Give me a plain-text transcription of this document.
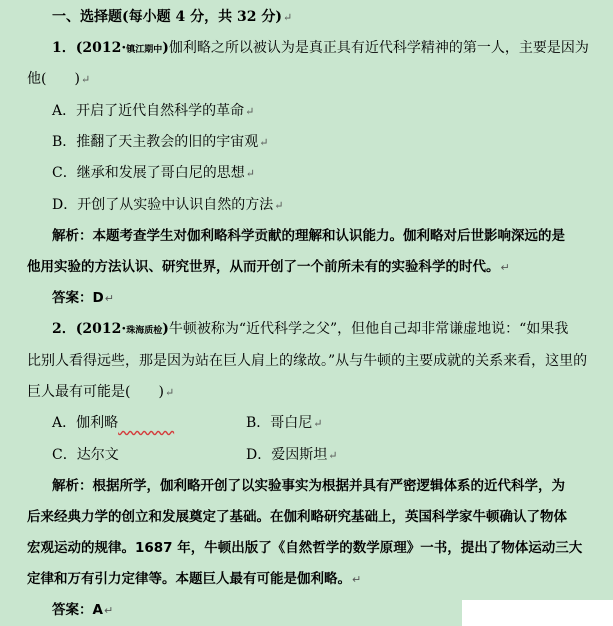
一、选择题(每小题 4 分，共 32 分)↵
1．(2012·镇江期中)伽利略之所以被认为是真正具有近代科学精神的第一人，主要是因为
他(　　)↵
A．开启了近代自然科学的革命↵
B．推翻了天主教会的旧的宇宙观↵
C．继承和发展了哥白尼的思想↵
D．开创了从实验中认识自然的方法↵
解析：本题考查学生对伽利略科学贡献的理解和认识能力。伽利略对后世影响深远的是
他用实验的方法认识、研究世界，从而开创了一个前所未有的实验科学的时代。↵
答案：D↵
2．(2012·珠海质检)牛顿被称为“近代科学之父”，但他自己却非常谦虚地说：“如果我
比别人看得远些，那是因为站在巨人肩上的缘故。”从与牛顿的主要成就的关系来看，这里的
巨人最有可能是(　　)↵
A．伽利略    	B．哥白尼↵
C．达尔文	D．爱因斯坦↵
解析：根据所学，伽利略开创了以实验事实为根据并具有严密逻辑体系的近代科学，为
后来经典力学的创立和发展奠定了基础。在伽利略研究基础上，英国科学家牛顿确认了物体
宏观运动的规律。1687 年，牛顿出版了《自然哲学的数学原理》一书，提出了物体运动三大
定律和万有引力定律等。本题巨人最有可能是伽利略。↵
答案：A↵
